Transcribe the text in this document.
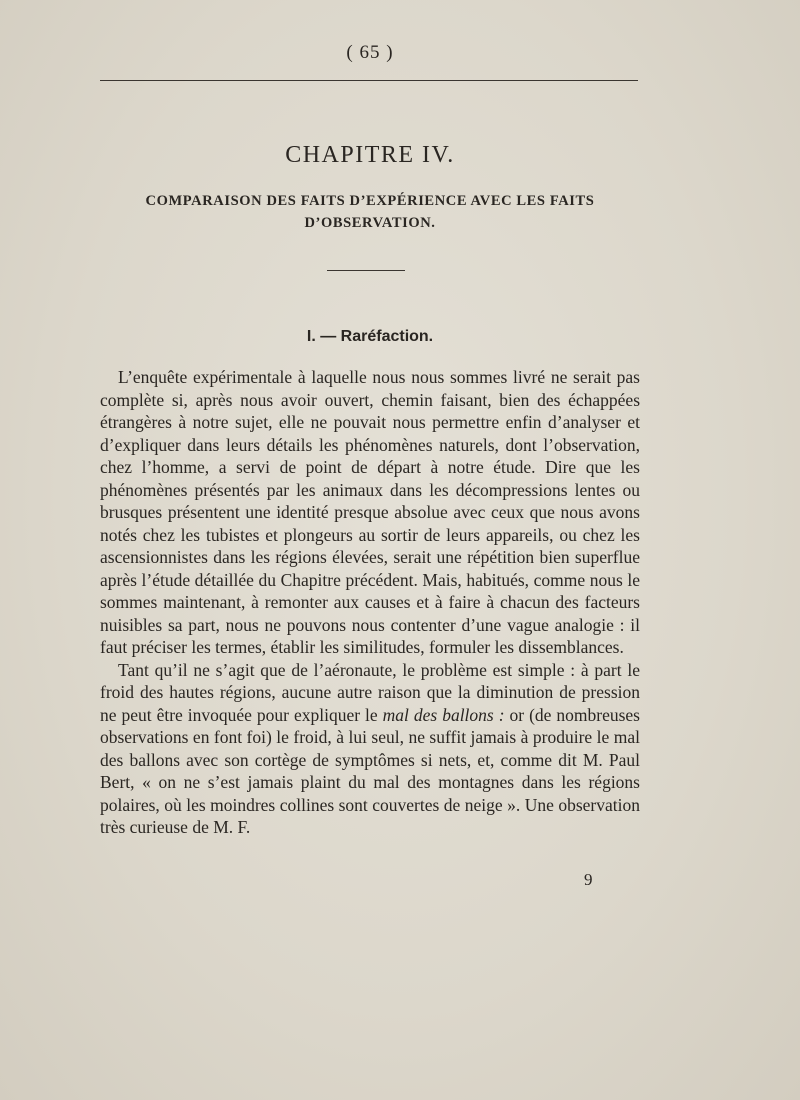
( 65 )
CHAPITRE IV.
COMPARAISON DES FAITS D’EXPÉRIENCE AVEC LES FAITS D’OBSERVATION.
I. — Raréfaction.

L’enquête expérimentale à laquelle nous nous sommes livré ne serait pas complète si, après nous avoir ouvert, chemin faisant, bien des échappées étrangères à notre sujet, elle ne pouvait nous permettre enfin d’analyser et d’expliquer dans leurs détails les phénomènes naturels, dont l’observation, chez l’homme, a servi de point de départ à notre étude. Dire que les phénomènes présentés par les animaux dans les décompressions lentes ou brusques présentent une identité presque absolue avec ceux que nous avons notés chez les tubistes et plongeurs au sortir de leurs appareils, ou chez les ascensionnistes dans les régions élevées, serait une répétition bien superflue après l’étude détaillée du Chapitre précédent. Mais, habitués, comme nous le sommes maintenant, à remonter aux causes et à faire à chacun des facteurs nuisibles sa part, nous ne pouvons nous contenter d’une vague analogie : il faut préciser les termes, établir les similitudes, formuler les dissemblances.

Tant qu’il ne s’agit que de l’aéronaute, le problème est simple : à part le froid des hautes régions, aucune autre raison que la diminution de pression ne peut être invoquée pour expliquer le mal des ballons : or (de nombreuses observations en font foi) le froid, à lui seul, ne suffit jamais à produire le mal des ballons avec son cortège de symptômes si nets, et, comme dit M. Paul Bert, « on ne s’est jamais plaint du mal des montagnes dans les régions polaires, où les moindres collines sont couvertes de neige ». Une observation très curieuse de M. F.

9
